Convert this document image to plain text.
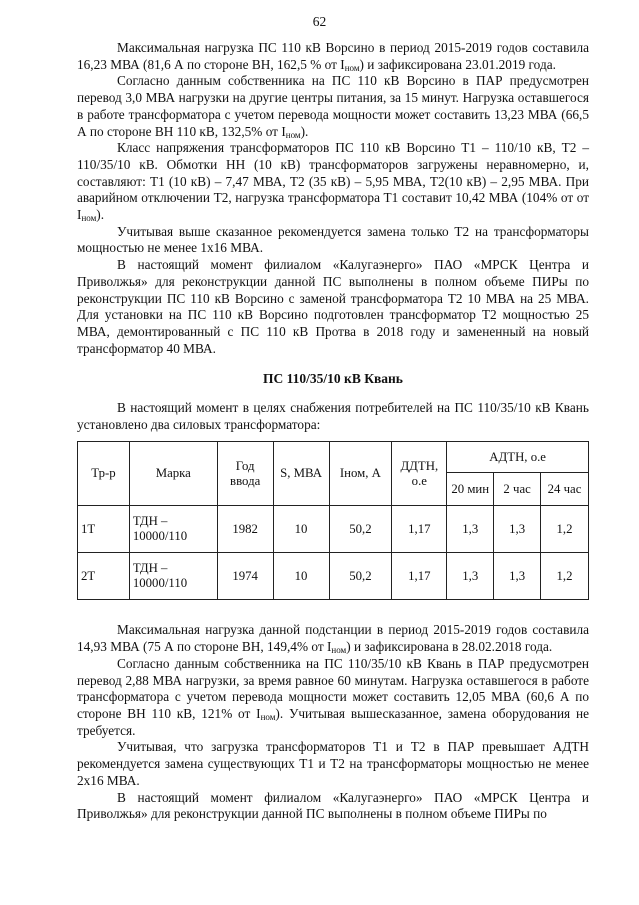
62

Максимальная нагрузка ПС 110 кВ Ворсино в период 2015-2019 годов составила 16,23 МВА (81,6 А по стороне ВН, 162,5 % от $I_{ном}$) и зафиксирована 23.01.2019 года.

Согласно данным собственника на ПС 110 кВ Ворсино в ПАР предусмотрен перевод 3,0 МВА нагрузки на другие центры питания, за 15 минут. Нагрузка оставшегося в работе трансформатора с учетом перевода мощности может составить 13,23 МВА (66,5 А по стороне ВН 110 кВ, 132,5% от $I_{ном}$).

Класс напряжения трансформаторов ПС 110 кВ Ворсино Т1 – 110/10 кВ, Т2 – 110/35/10 кВ. Обмотки НН (10 кВ) трансформаторов загружены неравномерно, и, составляют: Т1 (10 кВ) – 7,47 МВА, Т2 (35 кВ) – 5,95 МВА, Т2(10 кВ) – 2,95 МВА. При аварийном отключении Т2, нагрузка трансформатора Т1 составит 10,42 МВА (104% от от $I_{ном}$).

Учитывая выше сказанное рекомендуется замена только Т2 на трансформаторы мощностью не менее 1х16 МВА.

В настоящий момент филиалом «Калугаэнерго» ПАО «МРСК Центра и Приволжья» для реконструкции данной ПС выполнены в полном объеме ПИРы по реконструкции ПС 110 кВ Ворсино с заменой трансформатора Т2 10 МВА на 25 МВА. Для установки на ПС 110 кВ Ворсино подготовлен трансформатор Т2 мощностью 25 МВА, демонтированный с ПС 110 кВ Протва в 2018 году и замененный на новый трансформатор 40 МВА.

ПС 110/35/10 кВ Квань

В настоящий момент в целях снабжения потребителей на ПС 110/35/10 кВ Квань установлено два силовых трансформатора:

Тр-р	Марка	Год ввода	S, МВА	Iном, А	ДДТН, о.е	АДТН, о.е		
						20 мин	2 час	24 час
1Т	ТДН – 10000/110	1982	10	50,2	1,17	1,3	1,3	1,2
2Т	ТДН – 10000/110	1974	10	50,2	1,17	1,3	1,3	1,2

Максимальная нагрузка данной подстанции в период 2015-2019 годов составила 14,93 МВА (75 А по стороне ВН, 149,4% от $I_{ном}$) и зафиксирована в 28.02.2018 года.

Согласно данным собственника на ПС 110/35/10 кВ Квань в ПАР предусмотрен перевод 2,88 МВА нагрузки, за время равное 60 минутам. Нагрузка оставшегося в работе трансформатора с учетом перевода мощности может составить 12,05 МВА (60,6 А по стороне ВН 110 кВ, 121% от $I_{ном}$). Учитывая вышесказанное, замена оборудования не требуется.

Учитывая, что загрузка трансформаторов Т1 и Т2 в ПАР превышает АДТН рекомендуется замена существующих Т1 и Т2 на трансформаторы мощностью не менее 2х16 МВА.

В настоящий момент филиалом «Калугаэнерго» ПАО «МРСК Центра и Приволжья» для реконструкции данной ПС выполнены в полном объеме ПИРы по
